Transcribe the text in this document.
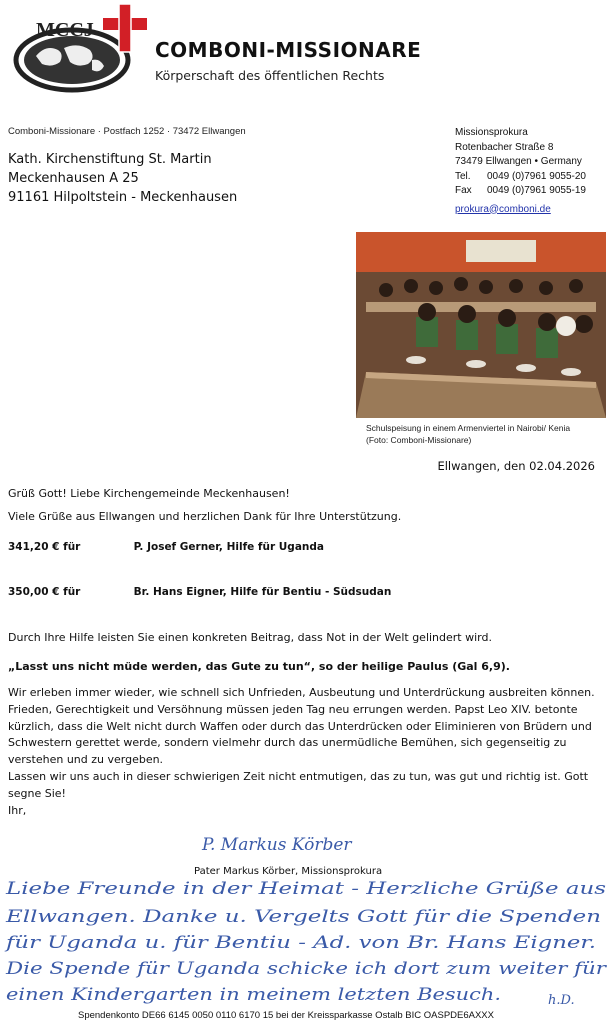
MCCJ
COMBONI-MISSIONARE
Körperschaft des öffentlichen Rechts
Comboni-Missionare · Postfach 1252 · 73472 Ellwangen
Kath. Kirchenstiftung St. Martin
Meckenhausen A 25
91161 Hilpoltstein - Meckenhausen
Missionsprokura
Rotenbacher Straße 8
73479 Ellwangen • Germany
Tel.	0049 (0)7961 9055-20
Fax	0049 (0)7961 9055-19
prokura@comboni.de
Schulspeisung in einem Armenviertel in Nairobi/ Kenia
(Foto: Comboni-Missionare)
Ellwangen, den 02.04.2026
Grüß Gott! Liebe Kirchengemeinde Meckenhausen!
Viele Grüße aus Ellwangen und herzlichen Dank für Ihre Unterstützung.
341,20 € für	P. Josef Gerner, Hilfe für Uganda
350,00 € für	Br. Hans Eigner, Hilfe für Bentiu - Südsudan
Durch Ihre Hilfe leisten Sie einen konkreten Beitrag, dass Not in der Welt gelindert wird.
„Lasst uns nicht müde werden, das Gute zu tun“, so der heilige Paulus (Gal 6,9).
Wir erleben immer wieder, wie schnell sich Unfrieden, Ausbeutung und Unterdrückung ausbreiten können. Frieden, Gerechtigkeit und Versöhnung müssen jeden Tag neu errungen werden. Papst Leo XIV. betonte kürzlich, dass die Welt nicht durch Waffen oder durch das Unterdrücken oder Eliminieren von Brüdern und Schwestern gerettet werde, sondern vielmehr durch das unermüdliche Bemühen, sich gegenseitig zu verstehen und zu vergeben.
Lassen wir uns auch in dieser schwierigen Zeit nicht entmutigen, das zu tun, was gut und richtig ist. Gott segne Sie!
Ihr,
P. Markus Körber
Pater Markus Körber, Missionsprokura
Liebe Freunde in der Heimat - Herzliche Grüße aus
Ellwangen. Danke u. Vergelts Gott für die Spenden
für Uganda u. für Bentiu - Ad. von Br. Hans Eigner.
Die Spende für Uganda schicke ich dort zum weiter für
einen Kindergarten in meinem letzten Besuch.	h.D.
Spendenkonto DE66 6145 0050 0110 6170 15 bei der Kreissparkasse Ostalb BIC OASPDE6AXXX
